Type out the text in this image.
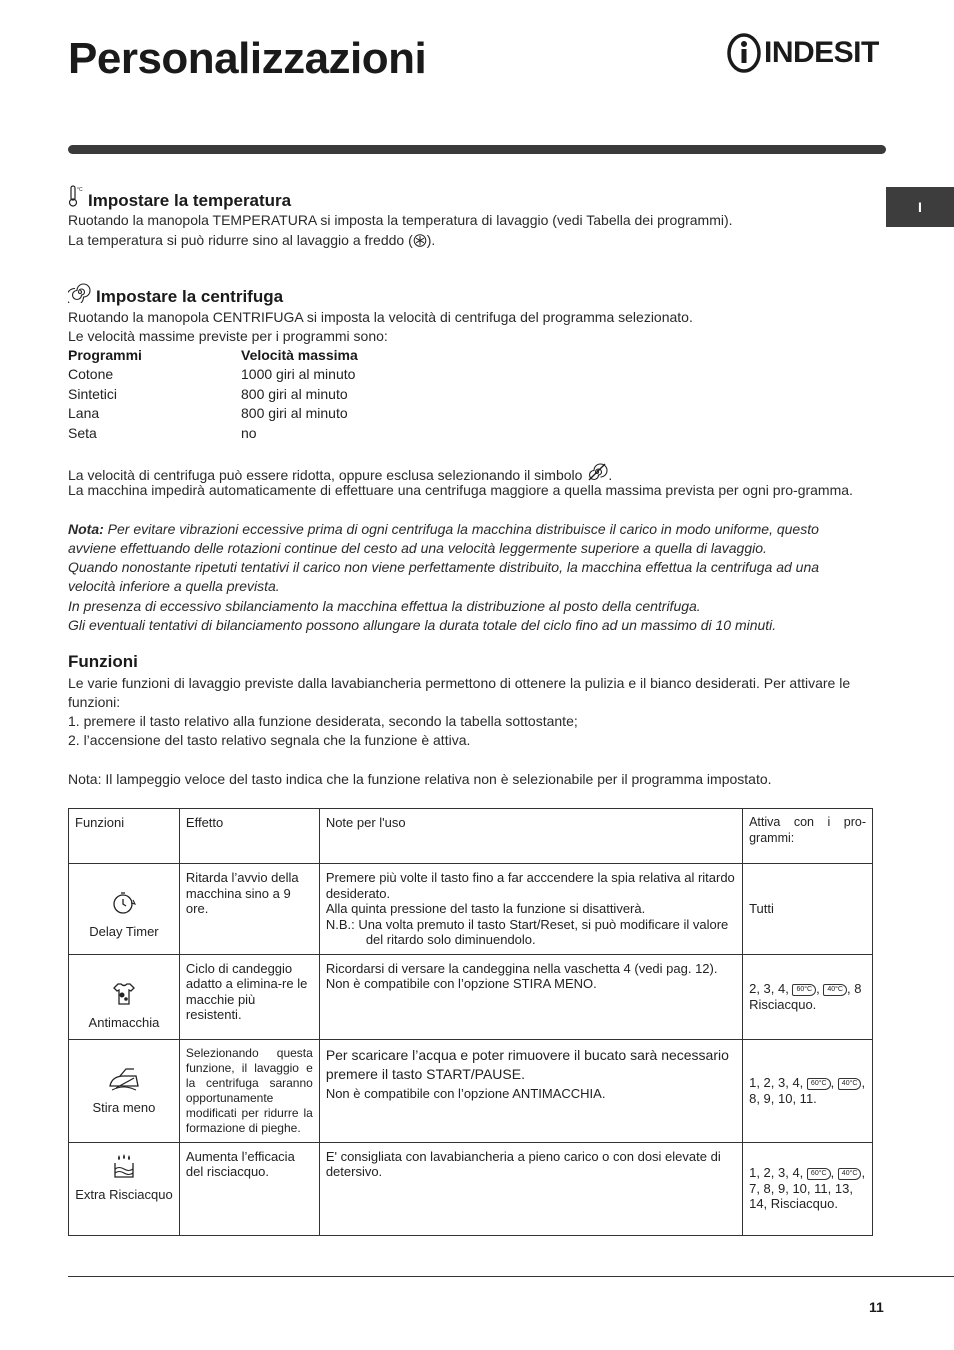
Personalizzazioni	INDESIT
I
°C
Impostare la temperatura

Ruotando la manopola TEMPERATURA si imposta la temperatura di lavaggio (vedi Tabella dei programmi).

La temperatura si può ridurre sino al lavaggio a freddo ( ).

Impostare la centrifuga

Ruotando la manopola CENTRIFUGA si imposta la velocità di centrifuga del programma selezionato.

Le velocità massime previste per i programmi sono:

Programmi	Velocità massima
Cotone	1000 giri al minuto
Sintetici	800 giri al minuto
Lana	800 giri al minuto
Seta	no

La velocità di centrifuga può essere ridotta, oppure esclusa selezionando il simbolo .

La macchina impedirà automaticamente di effettuare una centrifuga maggiore a quella massima prevista per ogni pro-gramma.

Nota: Per evitare vibrazioni eccessive prima di ogni centrifuga la macchina distribuisce il carico in modo uniforme, questo avviene effettuando delle rotazioni continue del cesto ad una velocità leggermente superiore a quella di lavaggio.

Quando nonostante ripetuti tentativi il carico non viene perfettamente distribuito, la macchina effettua la centrifuga ad una velocità inferiore a quella prevista.

In presenza di eccessivo sbilanciamento la macchina effettua la distribuzione al posto della centrifuga.

Gli eventuali tentativi di bilanciamento possono allungare la durata totale del ciclo fino ad un massimo di 10 minuti.

Funzioni

Le varie funzioni di lavaggio previste dalla lavabiancheria permettono di ottenere la pulizia e il bianco desiderati. Per attivare le funzioni:

1. premere il tasto relativo alla funzione desiderata, secondo la tabella sottostante;

2. l’accensione del tasto relativo segnala che la funzione è attiva.

Nota: Il lampeggio veloce del tasto indica che la funzione relativa non è selezionabile per il programma impostato.

Funzioni	Effetto	Note per l'uso	Attiva con i pro-grammi:

Delay Timer	Ritarda l’avvio della macchina sino a 9 ore.	Premere più volte il tasto fino a far acccendere la spia relativa al ritardo desiderato.
Alla quinta pressione del tasto la funzione si disattiverà.
N.B.: Una volta premuto il tasto Start/Reset, si può modificare il valore del ritardo solo diminuendolo.	Tutti

Antimacchia	Ciclo di candeggio adatto a elimina-re le macchie più resistenti.	Ricordarsi di versare la candeggina nella vaschetta 4 (vedi pag. 12).
Non è compatibile con l’opzione STIRA MENO.	2, 3, 4, 60°C , 40°C , 8 Risciacquo.

Stira meno	Selezionando questa funzione, il lavaggio e la centrifuga saranno opportunamente modificati per ridurre la formazione di pieghe.	Per scaricare l’acqua e poter rimuovere il bucato sarà necessario premere il tasto START/PAUSE.
Non è compatibile con l’opzione ANTIMACCHIA.	1, 2, 3, 4, 60°C , 40°C , 8, 9, 10, 11.

Extra Risciacquo	Aumenta l’efficacia del risciacquo.	E' consigliata con lavabiancheria a pieno carico o con dosi elevate di detersivo.	1, 2, 3, 4, 60°C , 40°C , 7, 8, 9, 10, 11, 13, 14, Risciacquo.
11
